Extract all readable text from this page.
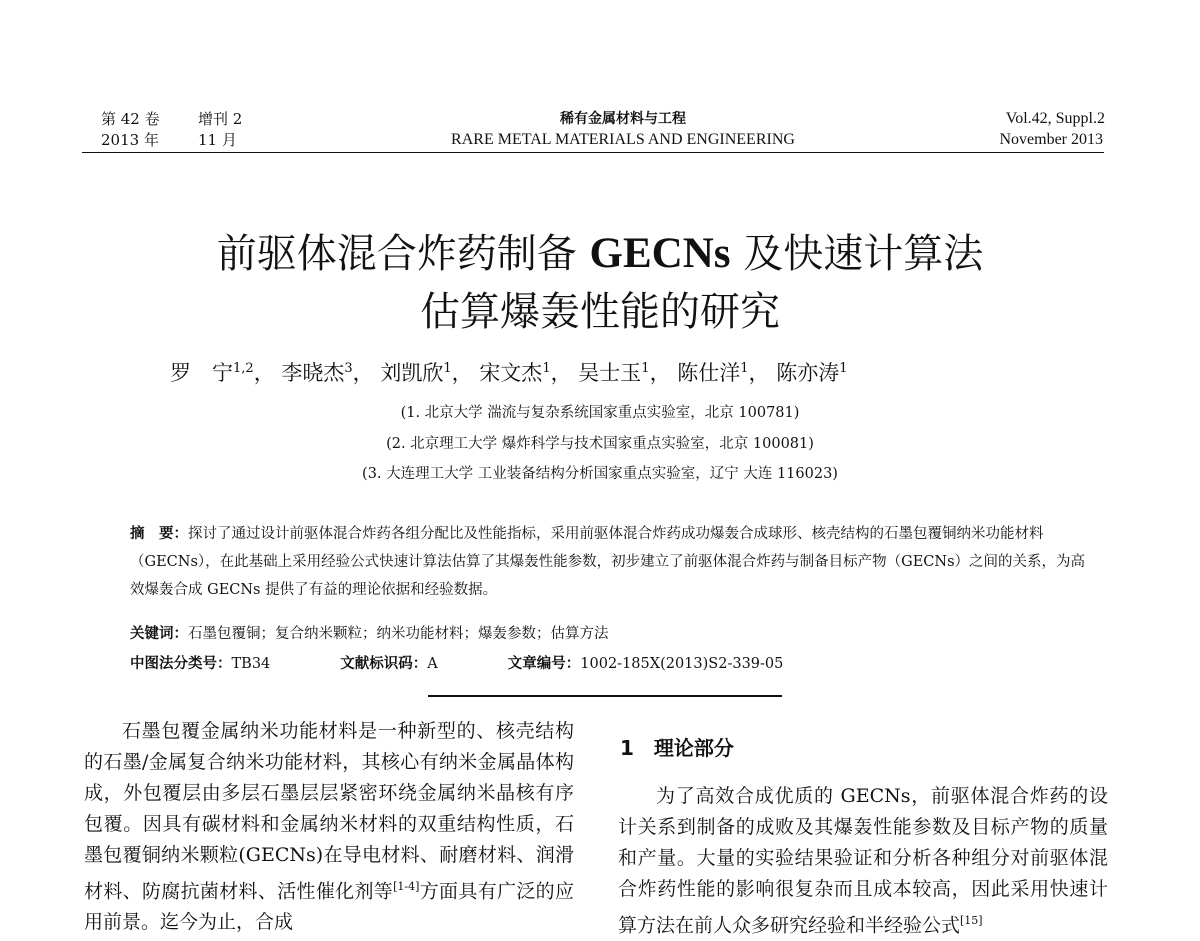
第 42 卷	增刊 2
2013 年	11 月
稀有金属材料与工程
RARE METAL MATERIALS AND ENGINEERING
Vol.42, Suppl.2
November 2013
前驱体混合炸药制备 GECNs 及快速计算法
估算爆轰性能的研究
罗　宁$^{1,2}$， 李晓杰$^3$， 刘凯欣$^1$， 宋文杰$^1$， 吴士玉$^1$， 陈仕洋$^1$， 陈亦涛$^1$
(1. 北京大学 湍流与复杂系统国家重点实验室，北京 100781)
(2. 北京理工大学 爆炸科学与技术国家重点实验室，北京 100081)
(3. 大连理工大学 工业装备结构分析国家重点实验室，辽宁 大连 116023)
摘　要：探讨了通过设计前驱体混合炸药各组分配比及性能指标，采用前驱体混合炸药成功爆轰合成球形、核壳结构的石墨包覆铜纳米功能材料（GECNs），在此基础上采用经验公式快速计算法估算了其爆轰性能参数，初步建立了前驱体混合炸药与制备目标产物（GECNs）之间的关系，为高效爆轰合成 GECNs 提供了有益的理论依据和经验数据。
关键词：石墨包覆铜；复合纳米颗粒；纳米功能材料；爆轰参数；估算方法
中图法分类号：TB34	文献标识码：A	文章编号：1002-185X(2013)S2-339-05
石墨包覆金属纳米功能材料是一种新型的、核壳结构的石墨/金属复合纳米功能材料，其核心有纳米金属晶体构成，外包覆层由多层石墨层层紧密环绕金属纳米晶核有序包覆。因具有碳材料和金属纳米材料的双重结构性质，石墨包覆铜纳米颗粒(GECNs)在导电材料、耐磨材料、润滑材料、防腐抗菌材料、活性催化剂等[1-4]方面具有广泛的应用前景。迄今为止，合成
1　理论部分
为了高效合成优质的 GECNs，前驱体混合炸药的设计关系到制备的成败及其爆轰性能参数及目标产物的质量和产量。大量的实验结果验证和分析各种组分对前驱体混合炸药性能的影响很复杂而且成本较高，因此采用快速计算方法在前人众多研究经验和半经验公式[15]
